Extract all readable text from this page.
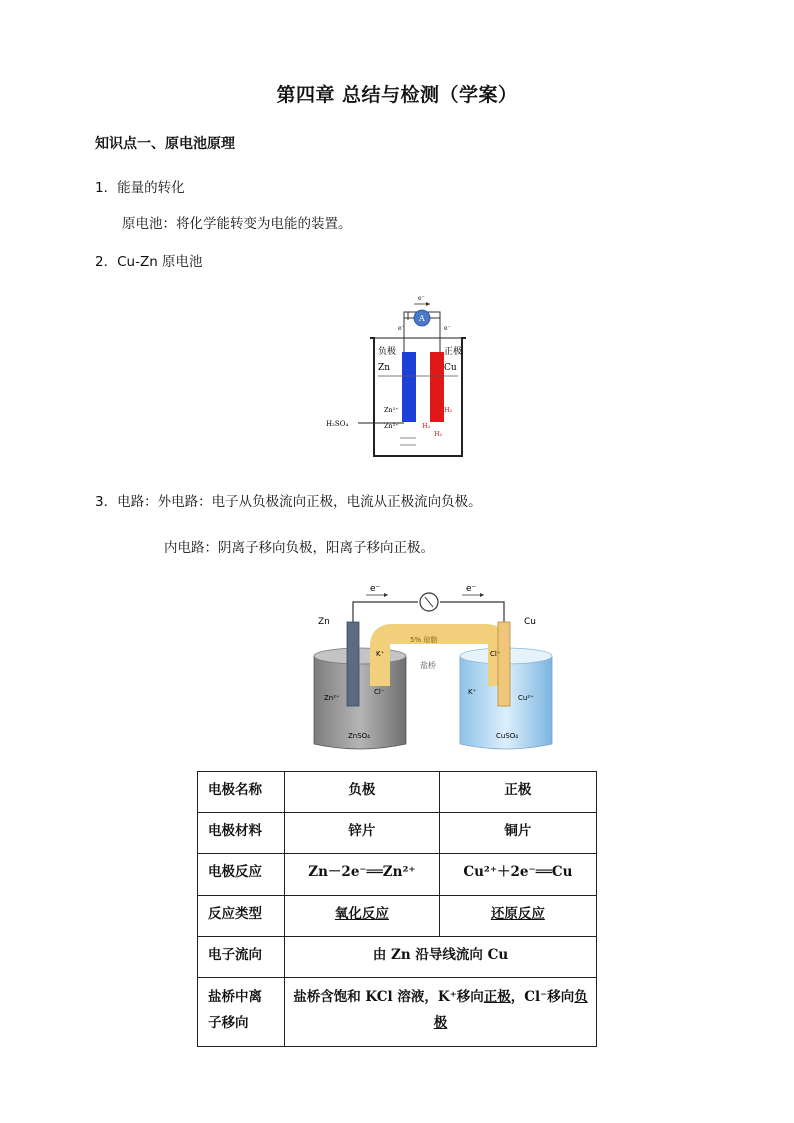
第四章 总结与检测（学案）
知识点一、原电池原理
1．能量的转化
原电池：将化学能转变为电能的装置。
2．Cu-Zn 原电池
e⁻
A
e⁻	e⁻
负极
Zn
正极
Cu
Zn²⁺
Zn²⁺
H₂
H₂
H₂
H₂SO₄
3．电路：外电路：电子从负极流向正极，电流从正极流向负极。
内电路：阴离子移向负极，阳离子移向正极。
e⁻	e⁻
5% 琼脂
盐桥
Zn	Cu
K⁺
Cl⁻
Cl⁻
K⁺
Zn²⁺	Cu²⁺
ZnSO₄	CuSO₄
电极名称	负极	正极
电极材料	锌片	铜片
电极反应	Zn－2e⁻══Zn²⁺	Cu²⁺＋2e⁻══Cu
反应类型	氧化反应	还原反应
电子流向	由 Zn 沿导线流向 Cu	
盐桥中离
子移向	盐桥含饱和 KCl 溶液，K⁺移向正极，Cl⁻移向负
极	
